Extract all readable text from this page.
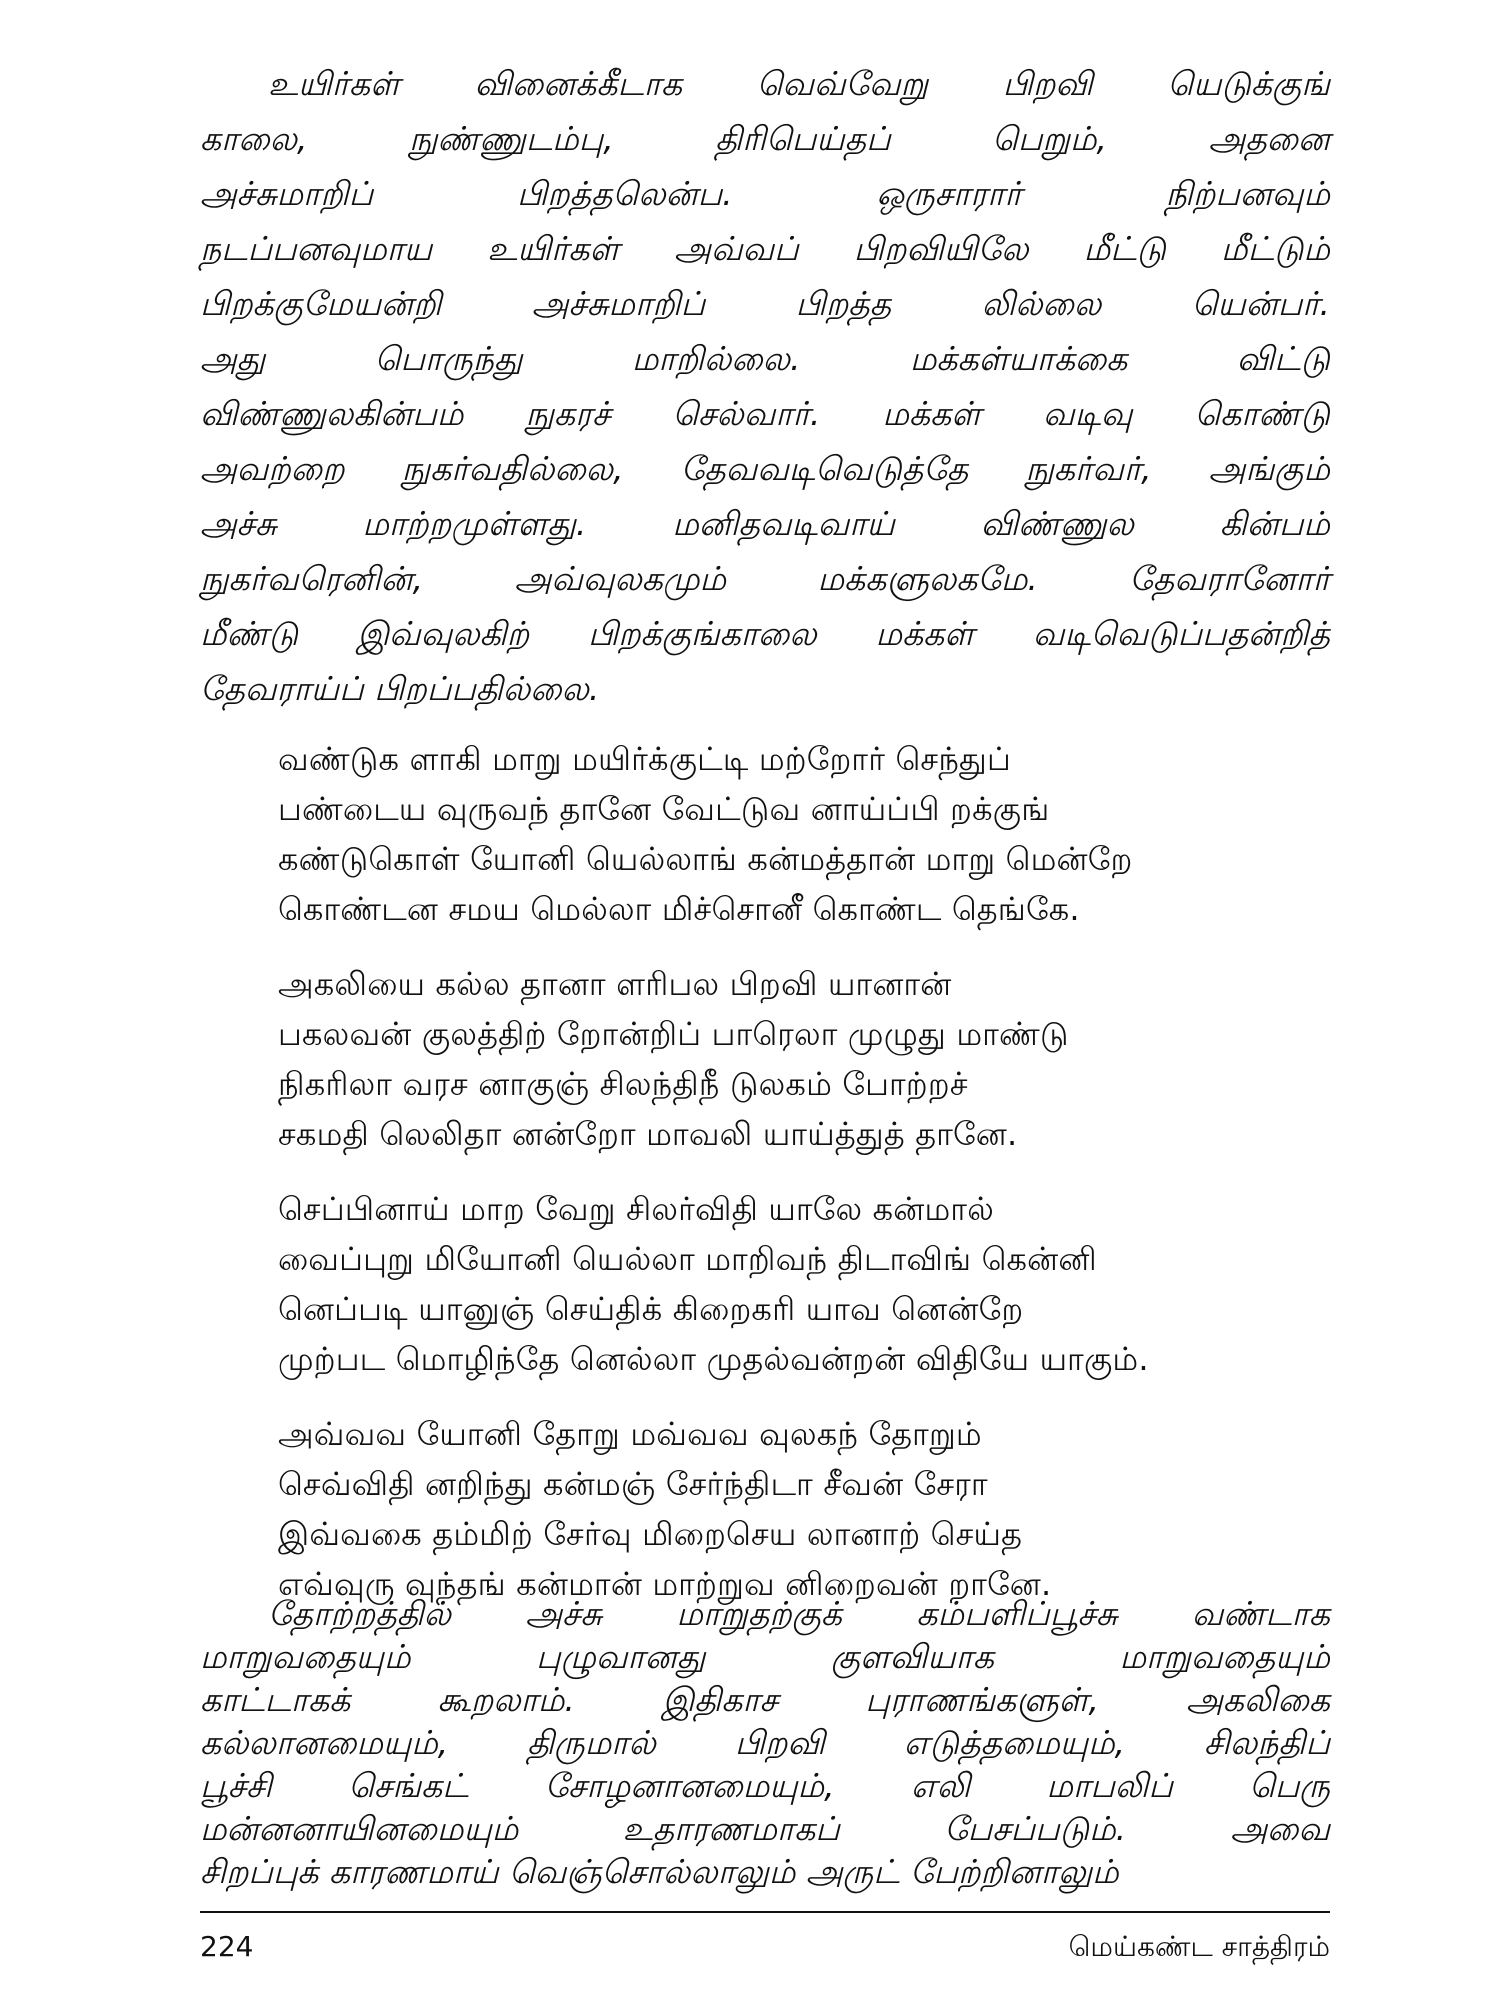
உயிர்கள் வினைக்கீடாக வெவ்வேறு பிறவி யெடுக்குங்

காலை, நுண்ணுடம்பு, திரிபெய்தப் பெறும், அதனை

அச்சுமாறிப் பிறத்தலென்ப. ஒருசாரார் நிற்பனவும்

நடப்பனவுமாய உயிர்கள் அவ்வப் பிறவியிலே மீட்டு மீட்டும்

பிறக்குமேயன்றி அச்சுமாறிப் பிறத்த லில்லை யென்பர்.

அது பொருந்து மாறில்லை. மக்கள்யாக்கை விட்டு

விண்ணுலகின்பம் நுகரச் செல்வார். மக்கள் வடிவு கொண்டு

அவற்றை நுகர்வதில்லை, தேவவடிவெடுத்தே நுகர்வர், அங்கும்

அச்சு மாற்றமுள்ளது. மனிதவடிவாய் விண்ணுல கின்பம்

நுகர்வரெனின், அவ்வுலகமும் மக்களுலகமே. தேவரானோர்

மீண்டு இவ்வுலகிற் பிறக்குங்காலை மக்கள் வடிவெடுப்பதன்றித்

தேவராய்ப் பிறப்பதில்லை.

வண்டுக ளாகி மாறு மயிர்க்குட்டி மற்றோர் செந்துப்

பண்டைய வுருவந் தானே வேட்டுவ னாய்ப்பி றக்குங்

கண்டுகொள் யோனி யெல்லாங் கன்மத்தான் மாறு மென்றே

கொண்டன சமய மெல்லா மிச்சொனீ கொண்ட தெங்கே.

அகலியை கல்ல தானா ளரிபல பிறவி யானான்

பகலவன் குலத்திற் றோன்றிப் பாரெலா முழுது மாண்டு

நிகரிலா வரச னாகுஞ் சிலந்திநீ டுலகம் போற்றச்

சகமதி லெலிதா னன்றோ மாவலி யாய்த்துத் தானே.

செப்பினாய் மாற வேறு சிலர்விதி யாலே கன்மால்

வைப்புறு மியோனி யெல்லா மாறிவந் திடாவிங் கென்னி

னெப்படி யானுஞ் செய்திக் கிறைகரி யாவ னென்றே

முற்பட மொழிந்தே னெல்லா முதல்வன்றன் விதியே யாகும்.

அவ்வவ யோனி தோறு மவ்வவ வுலகந் தோறும்

செவ்விதி னறிந்து கன்மஞ் சேர்ந்திடா சீவன் சேரா

இவ்வகை தம்மிற் சேர்வு மிறைசெய லானாற் செய்த

எவ்வுரு வுந்தங் கன்மான் மாற்றுவ னிறைவன் றானே.

தோற்றத்தில் அச்சு மாறுதற்குக் கம்பளிப்பூச்சு வண்டாக

மாறுவதையும் புழுவானது குளவியாக மாறுவதையும்

காட்டாகக் கூறலாம். இதிகாச புராணங்களுள், அகலிகை

கல்லானமையும், திருமால் பிறவி எடுத்தமையும், சிலந்திப்

பூச்சி செங்கட் சோழனானமையும், எலி மாபலிப் பெரு

மன்னனாயினமையும் உதாரணமாகப் பேசப்படும். அவை

சிறப்புக் காரணமாய் வெஞ்சொல்லாலும் அருட் பேற்றினாலும்

224	மெய்கண்ட சாத்திரம்
